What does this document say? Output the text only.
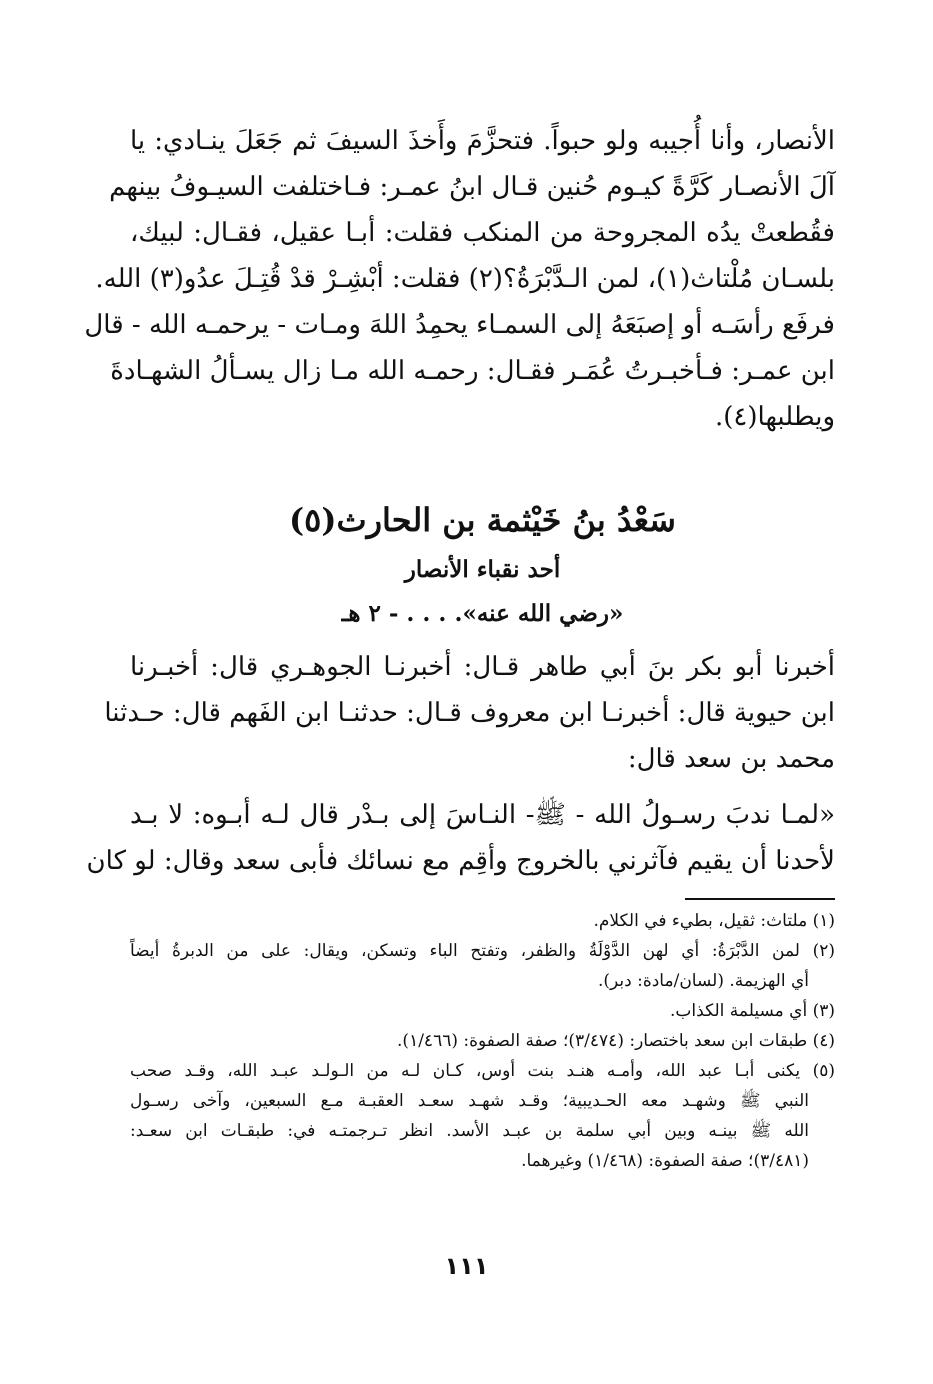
الأنصار، وأنا أُجيبه ولو حبواً. فتحزَّمَ وأَخذَ السيفَ ثم جَعَلَ ينـادي: يا
آلَ الأنصـار كَرَّةً كيـوم حُنين قـال ابنُ عمـر: فـاختلفت السيـوفُ بينهم
فقُطعتْ يدُه المجروحة من المنكب فقلت: أبـا عقيل، فقـال: لبيك،
بلسـان مُلْتاث(١)، لمن الـدَّبْرَةُ؟(٢) فقلت: أبْشِـرْ قدْ قُتِـلَ عدُو(٣) الله.
فرفَع رأسَـه أو إصبَعَهُ إلى السمـاء يحمِدُ اللهَ ومـات - يرحمـه الله - قال
ابن عمـر: فـأخبـرتُ عُمَـر فقـال: رحمـه الله مـا زال يسـألُ الشهـادةَ
ويطلبها(٤).
سَعْدُ بنُ خَيْثمة بن الحارث(٥)
أحد نقباء الأنصار
«رضي الله عنه». . . . - ٢ هـ
أخبرنا أبو بكر بنَ أبي طاهر قـال: أخبرنـا الجوهـري قال: أخبـرنا
ابن حيوية قال: أخبرنـا ابن معروف قـال: حدثنـا ابن الفَهم قال: حـدثنا
محمد بن سعد قال:
«لمـا ندبَ رسـولُ الله - ﷺ- النـاسَ إلى بـدْر قال لـه أبـوه: لا بـد
لأحدنا أن يقيم فآثرني بالخروج وأقِم مع نسائك فأبى سعد وقال: لو كان
(١) ملتاث: ثقيل، بطيء في الكلام.
(٢) لمن الدَّبْرَةُ: أي لهن الدَّوْلَةُ والظفر، وتفتح الباء وتسكن، ويقال: على من الدبرةُ أيضاً
أي الهزيمة. (لسان/مادة: دبر).
(٣) أي مسيلمة الكذاب.
(٤) طبقات ابن سعد باختصار: (٣/٤٧٤)؛ صفة الصفوة: (١/٤٦٦).
(٥) يكنى أبـا عبد الله، وأمـه هنـد بنت أوس، كـان لـه من الـولـد عبـد الله، وقـد صحب
النبي ﷺ وشهـد معه الحـديبية؛ وقـد شهـد سعـد العقبـة مـع السبعين، وآخى رسـول
الله ﷺ بينـه وبين أبي سلمة بن عبـد الأسد. انظر تـرجمتـه في: طبقـات ابن سعـد:
(٣/٤٨١)؛ صفة الصفوة: (١/٤٦٨) وغيرهما.
١١١
